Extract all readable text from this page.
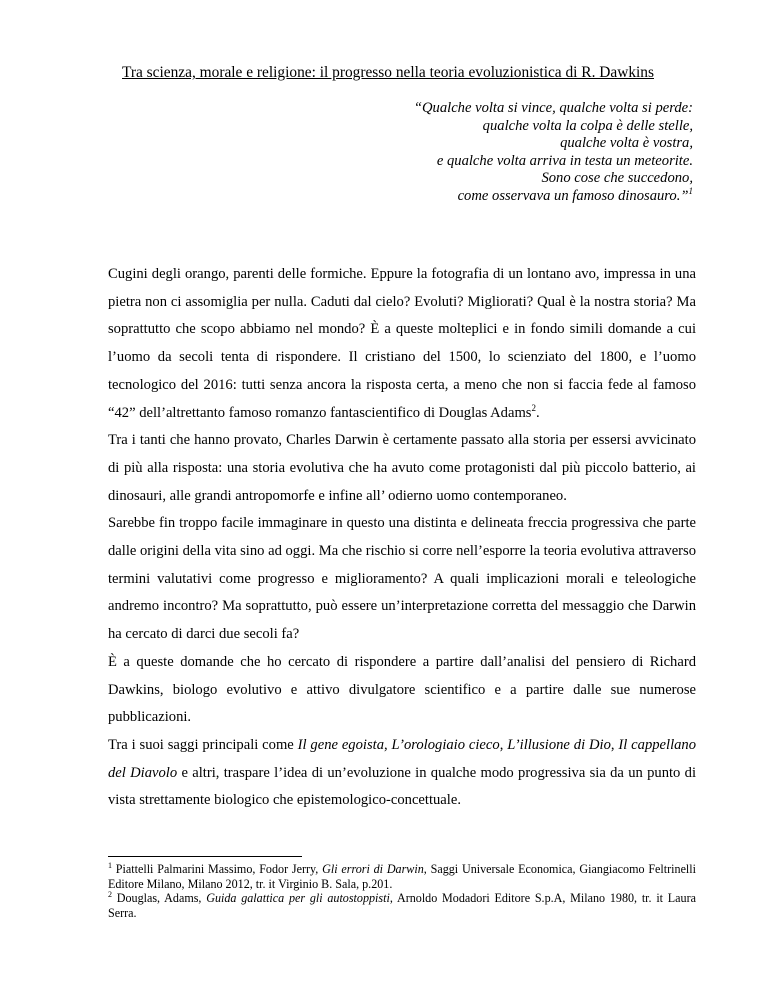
Tra scienza, morale e religione: il progresso nella teoria evoluzionistica di R. Dawkins
“Qualche volta si vince, qualche volta si perde:
qualche volta la colpa è delle stelle,
qualche volta è vostra,
e qualche volta arriva in testa un meteorite.
Sono cose che succedono,
come osservava un famoso dinosauro.”$^1$

Cugini degli orango, parenti delle formiche. Eppure la fotografia di un lontano avo, impressa in una pietra non ci assomiglia per nulla. Caduti dal cielo? Evoluti? Migliorati? Qual è la nostra storia? Ma soprattutto che scopo abbiamo nel mondo? È a queste molteplici e in fondo simili domande a cui l’uomo da secoli tenta di rispondere. Il cristiano del 1500, lo scienziato del 1800, e l’uomo tecnologico del 2016: tutti senza ancora la risposta certa, a meno che non si faccia fede al famoso “42” dell’altrettanto famoso romanzo fantascientifico di Douglas Adams$^2$.

Tra i tanti che hanno provato, Charles Darwin è certamente passato alla storia per essersi avvicinato di più alla risposta: una storia evolutiva che ha avuto come protagonisti dal più piccolo batterio, ai dinosauri, alle grandi antropomorfe e infine all’ odierno uomo contemporaneo.

Sarebbe fin troppo facile immaginare in questo una distinta e delineata freccia progressiva che parte dalle origini della vita sino ad oggi. Ma che rischio si corre nell’esporre la teoria evolutiva attraverso termini valutativi come progresso e miglioramento? A quali implicazioni morali e teleologiche andremo incontro? Ma soprattutto, può essere un’interpretazione corretta del messaggio che Darwin ha cercato di darci due secoli fa?

È a queste domande che ho cercato di rispondere a partire dall’analisi del pensiero di Richard Dawkins, biologo evolutivo e attivo divulgatore scientifico e a partire dalle sue numerose pubblicazioni.

Tra i suoi saggi principali come Il gene egoista, L’orologiaio cieco, L’illusione di Dio, Il cappellano del Diavolo e altri, traspare l’idea di un’evoluzione in qualche modo progressiva sia da un punto di vista strettamente biologico che epistemologico-concettuale.

$^1$ Piattelli Palmarini Massimo, Fodor Jerry, Gli errori di Darwin, Saggi Universale Economica, Giangiacomo Feltrinelli Editore Milano, Milano 2012, tr. it Virginio B. Sala, p.201.

$^2$ Douglas, Adams, Guida galattica per gli autostoppisti, Arnoldo Modadori Editore S.p.A, Milano 1980, tr. it Laura Serra.
